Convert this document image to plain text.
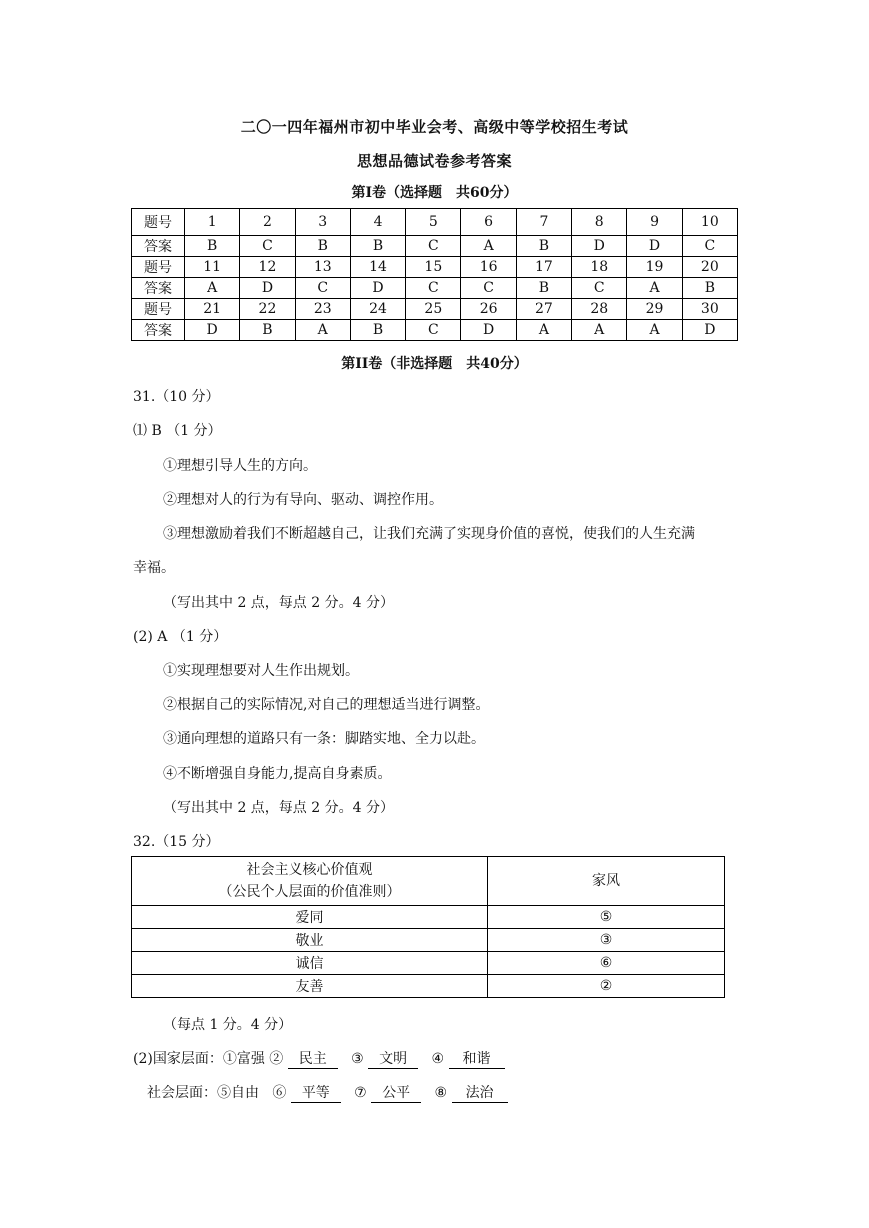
二〇一四年福州市初中毕业会考、高级中等学校招生考试
思想品德试卷参考答案
第Ⅰ卷（选择题　共60分）
题号	1	2	3	4	5	6	7	8	9	10
答案	B	C	B	B	C	A	B	D	D	C
题号	11	12	13	14	15	16	17	18	19	20
答案	A	D	C	D	C	C	B	C	A	B
题号	21	22	23	24	25	26	27	28	29	30
答案	D	B	A	B	C	D	A	A	A	D
第II卷（非选择题　共40分）
31.（10 分）
⑴ B （1 分）
①理想引导人生的方向。
②理想对人的行为有导向、驱动、调控作用。
③理想激励着我们不断超越自己，让我们充满了实现身价值的喜悦，使我们的人生充满
幸福。
（写出其中 2 点，每点 2 分。4 分）
(2) A （1 分）
①实现理想要对人生作出规划。
②根据自己的实际情况,对自己的理想适当进行调整。
③通向理想的道路只有一条：脚踏实地、全力以赴。
④不断增强自身能力,提高自身素质。
（写出其中 2 点，每点 2 分。4 分）
32.（15 分）
社会主义核心价值观
（公民个人层面的价值准则）	家风
爱同	⑤
敬业	③
诚信	⑥
友善	②
（每点 1 分。4 分）
(2)国家层面：①富强 ② 民主 ③ 文明 ④ 和谐
社会层面：⑤自由 ⑥ 平等 ⑦ 公平 ⑧ 法治
